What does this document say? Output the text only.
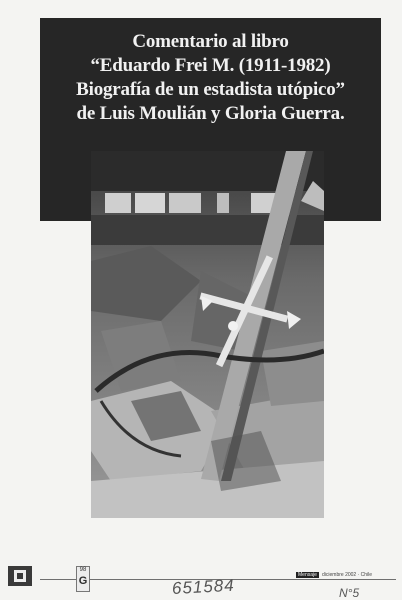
Comentario al libro
“Eduardo Frei M. (1911-1982)
Biografía de un estadista utópico”
de Luis Moulián y Gloria Guerra.
98
G	651584
Mensaje	diciembre 2002 · Chile
N°5
